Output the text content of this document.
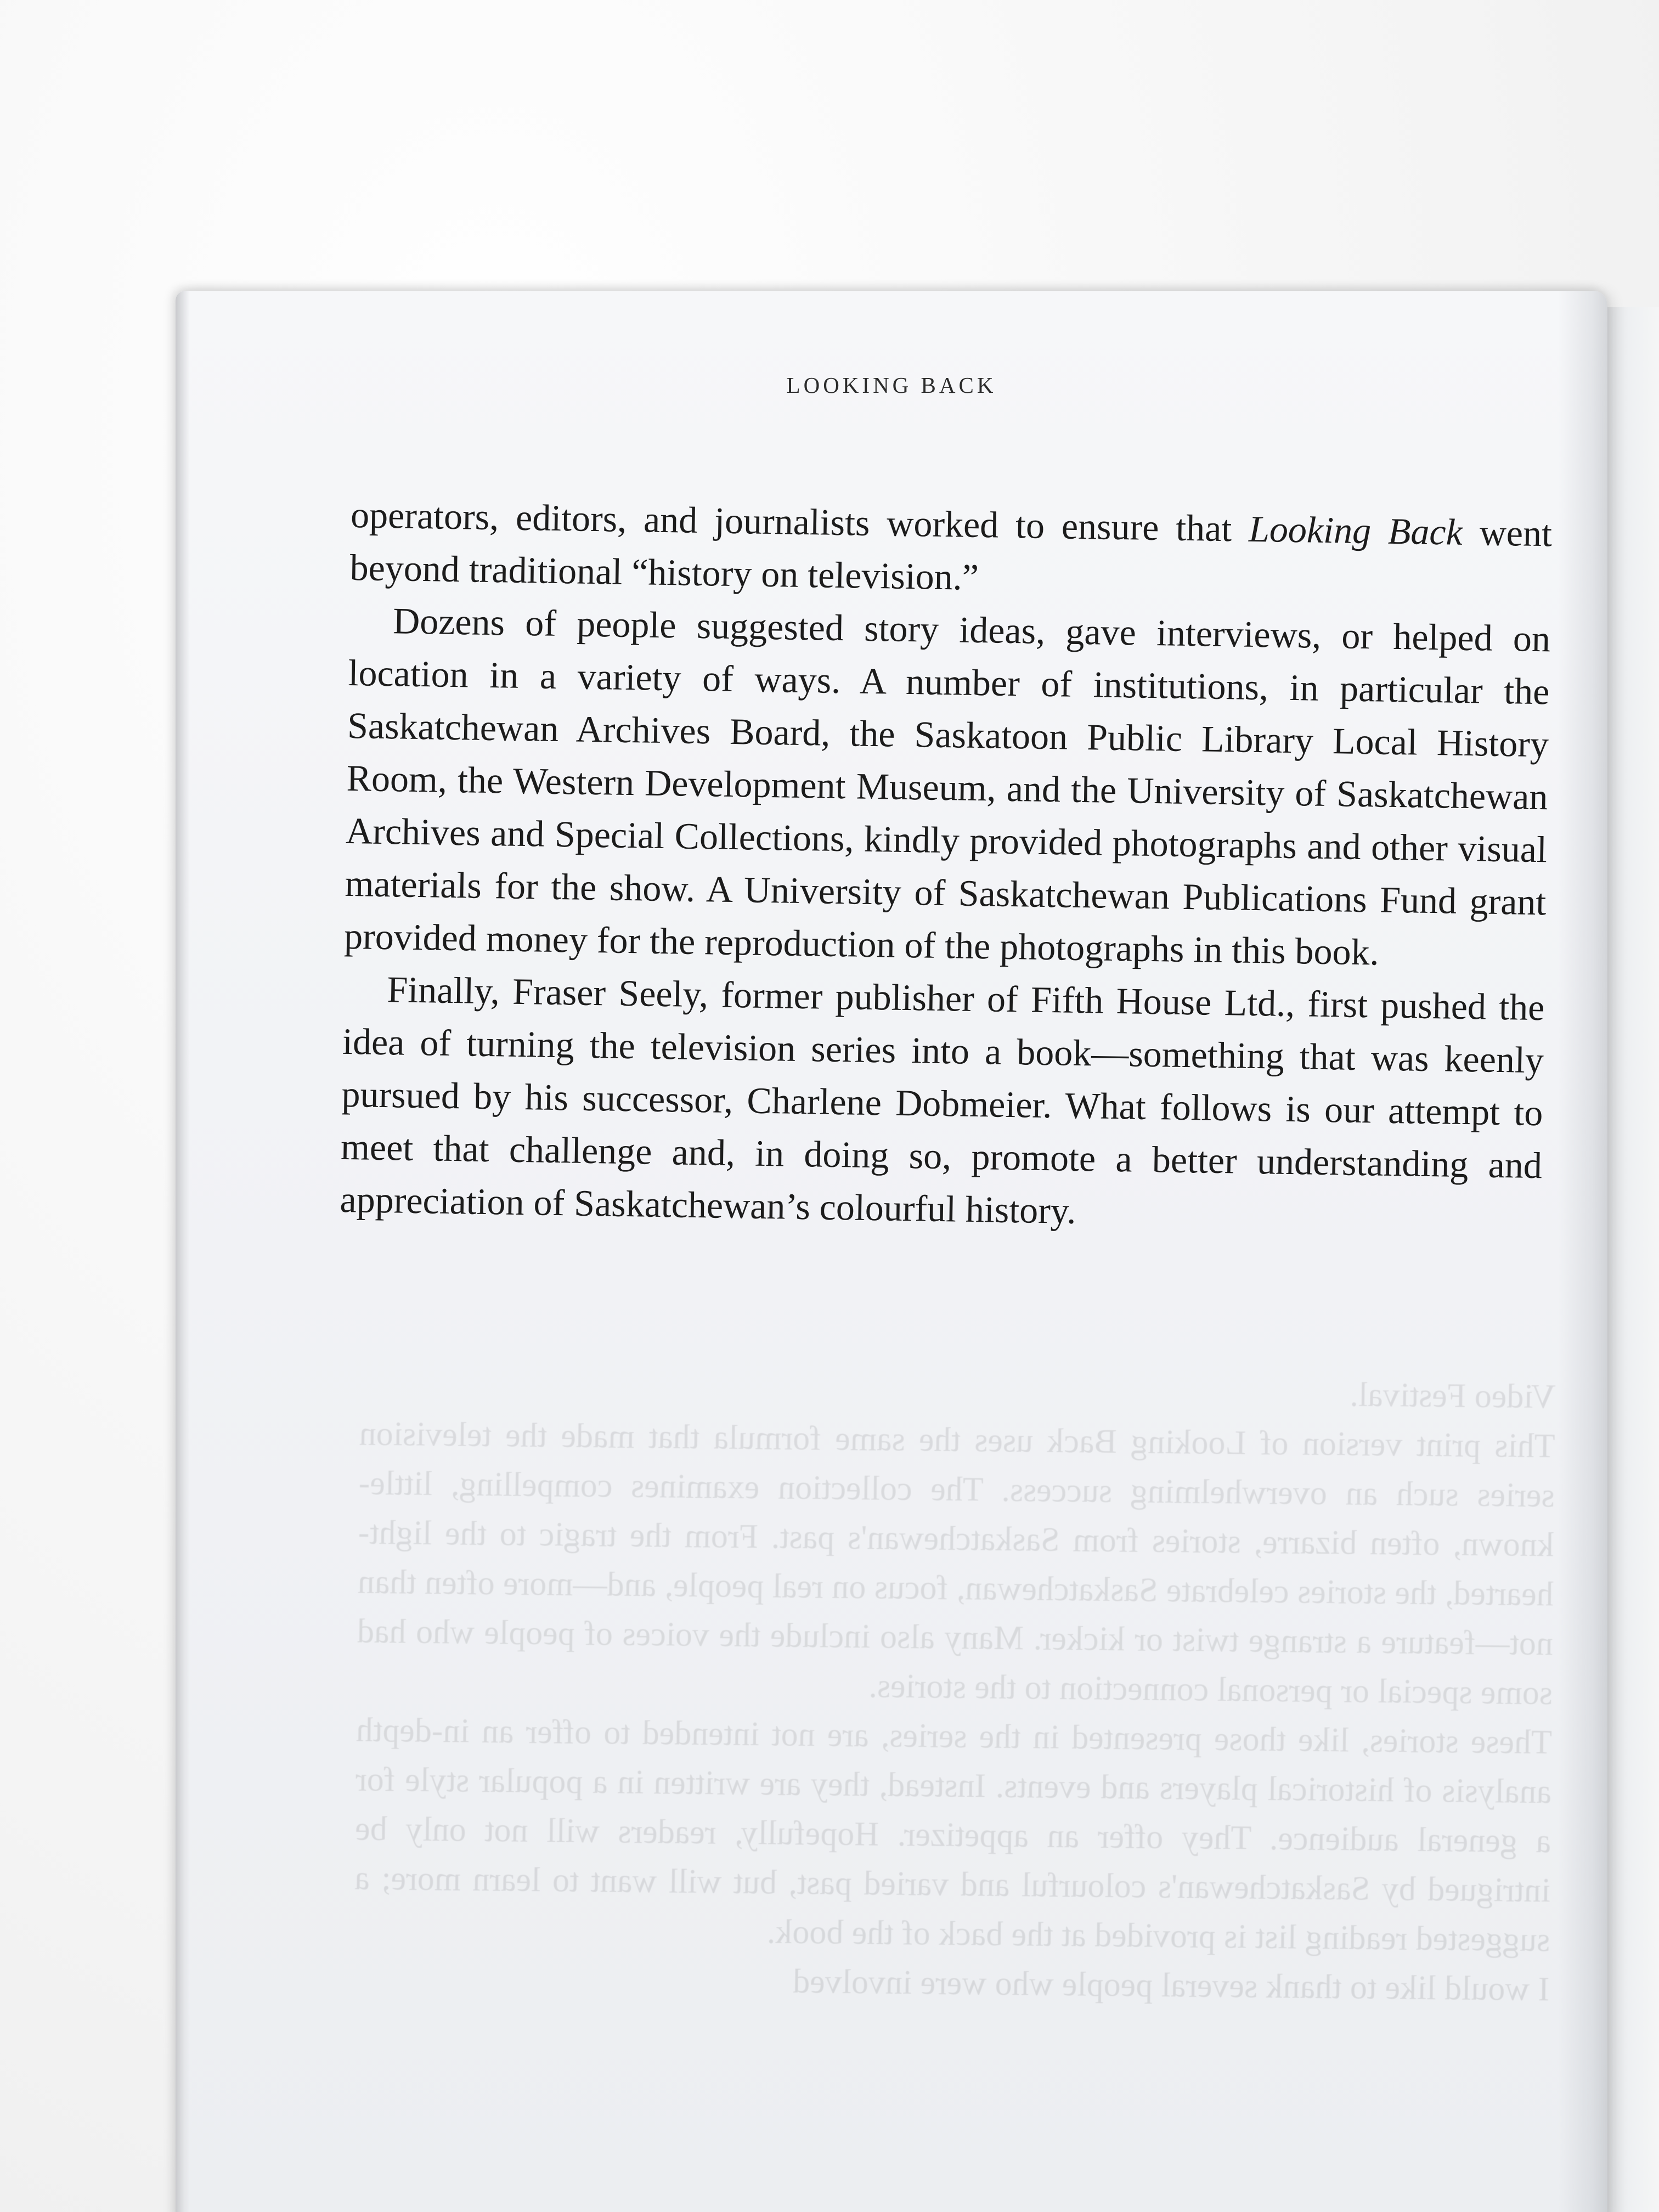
Video Festival.

This print version of Looking Back uses the same formula that made the television series such an overwhelming success. The collection examines compelling, little-known, often bizarre, stories from Saskatchewan's past. From the tragic to the light-hearted, the stories celebrate Saskatchewan, focus on real people, and—more often than not—feature a strange twist or kicker. Many also include the voices of people who had some special or personal connection to the stories.

These stories, like those presented in the series, are not intended to offer an in-depth analysis of historical players and events. Instead, they are written in a popular style for a general audience. They offer an appetizer. Hopefully, readers will not only be intrigued by Saskatchewan's colourful and varied past, but will want to learn more; a suggested reading list is provided at the back of the book.

I would like to thank several people who were involved

LOOKING BACK

operators, editors, and journalists worked to ensure that Looking Back went beyond traditional “history on television.”

Dozens of people suggested story ideas, gave interviews, or helped on location in a variety of ways. A number of institutions, in particular the Saskatchewan Archives Board, the Saskatoon Public Library Local History Room, the Western Development Museum, and the University of Saskatchewan Archives and Special Collections, kindly provided photographs and other visual materials for the show. A University of Saskatchewan Publications Fund grant provided money for the reproduction of the photographs in this book.

Finally, Fraser Seely, former publisher of Fifth House Ltd., first pushed the idea of turning the television series into a book—something that was keenly pursued by his successor, Charlene Dobmeier. What follows is our attempt to meet that challenge and, in doing so, promote a better understanding and appreciation of Saskatchewan’s colourful history.
